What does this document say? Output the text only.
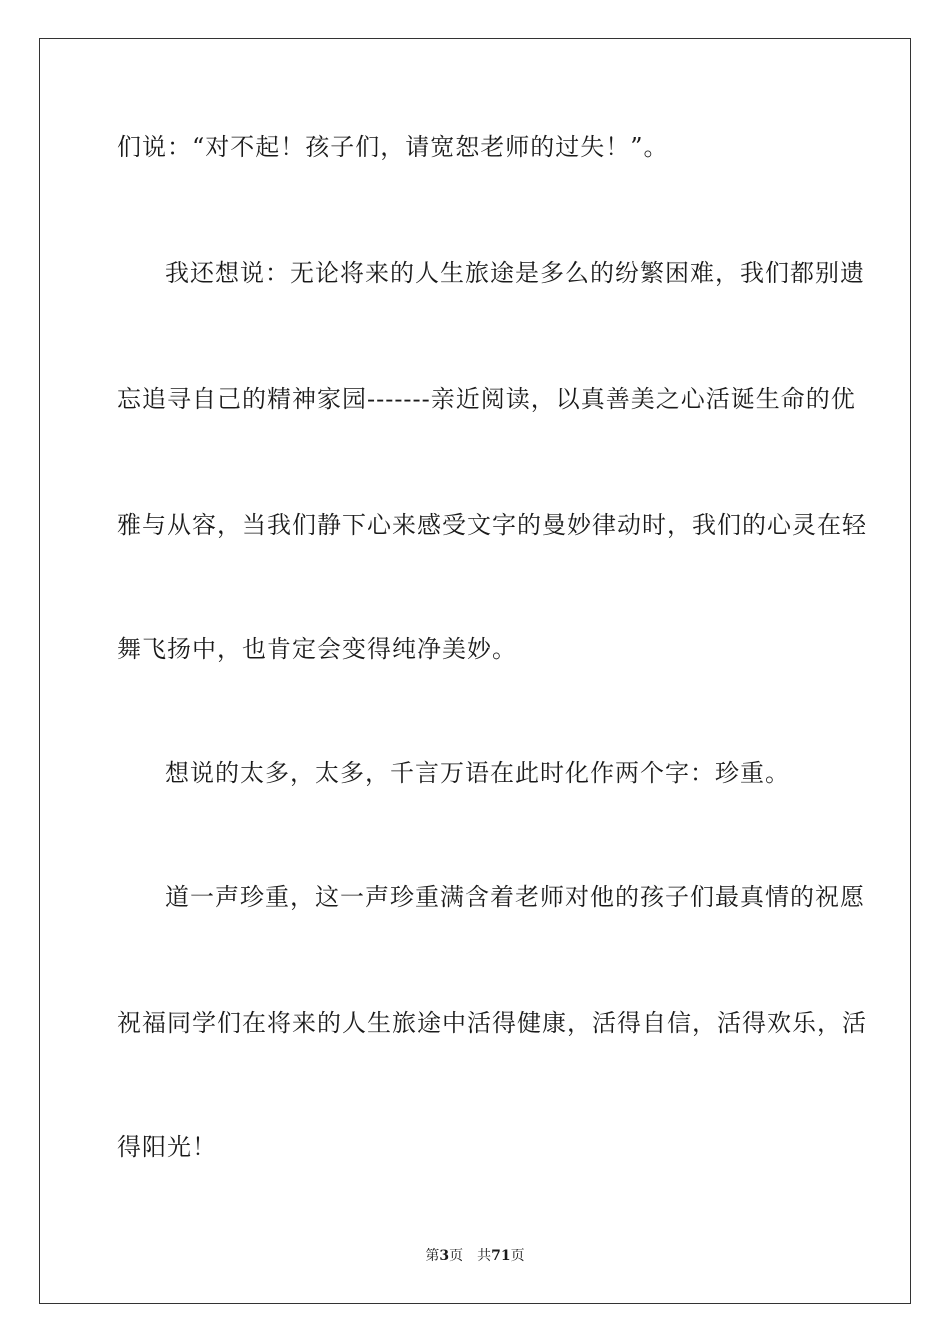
们说：“对不起！孩子们，请宽恕老师的过失！”。
我还想说：无论将来的人生旅途是多么的纷繁困难，我们都别遗
忘追寻自己的精神家园-------亲近阅读，以真善美之心活诞生命的优
雅与从容，当我们静下心来感受文字的曼妙律动时，我们的心灵在轻
舞飞扬中，也肯定会变得纯净美妙。
想说的太多，太多，千言万语在此时化作两个字：珍重。
道一声珍重，这一声珍重满含着老师对他的孩子们最真情的祝愿
祝福同学们在将来的人生旅途中活得健康，活得自信，活得欢乐，活
得阳光！
第3页 共71页
